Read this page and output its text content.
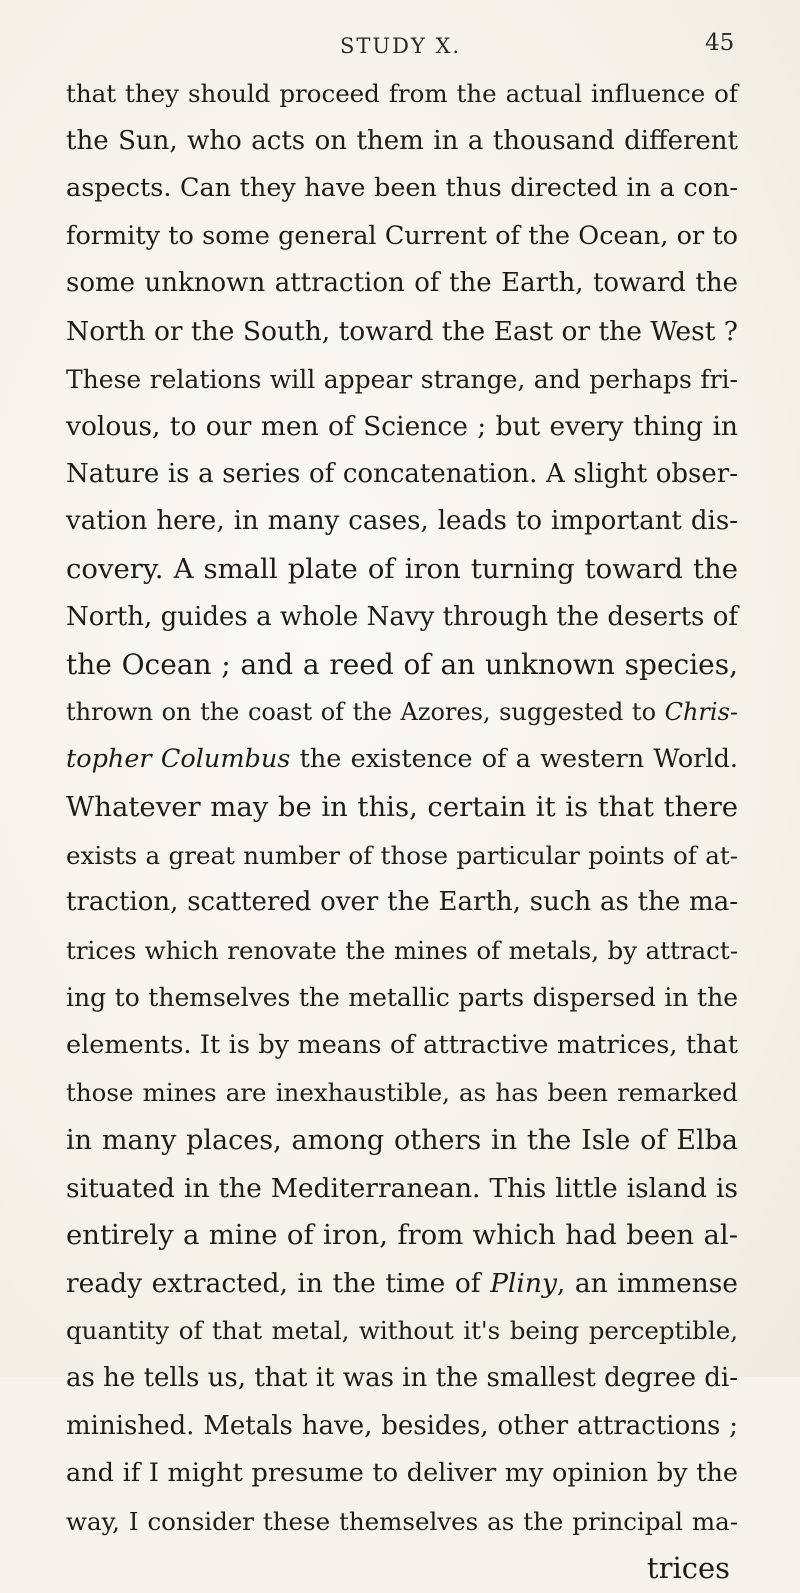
STUDY X.	45
that they should proceed from the actual influence of
the Sun, who acts on them in a thousand different
aspects. Can they have been thus directed in a con-
formity to some general Current of the Ocean, or to
some unknown attraction of the Earth, toward the
North or the South, toward the East or the West ?
These relations will appear strange, and perhaps fri-
volous, to our men of Science ; but every thing in
Nature is a series of concatenation. A slight obser-
vation here, in many cases, leads to important dis-
covery. A small plate of iron turning toward the
North, guides a whole Navy through the deserts of
the Ocean ; and a reed of an unknown species,
thrown on the coast of the Azores, suggested to Chris-
topher Columbus the existence of a western World.
Whatever may be in this, certain it is that there
exists a great number of those particular points of at-
traction, scattered over the Earth, such as the ma-
trices which renovate the mines of metals, by attract-
ing to themselves the metallic parts dispersed in the
elements. It is by means of attractive matrices, that
those mines are inexhaustible, as has been remarked
in many places, among others in the Isle of Elba
situated in the Mediterranean. This little island is
entirely a mine of iron, from which had been al-
ready extracted, in the time of Pliny, an immense
quantity of that metal, without it's being perceptible,
as he tells us, that it was in the smallest degree di-
minished. Metals have, besides, other attractions ;
and if I might presume to deliver my opinion by the
way, I consider these themselves as the principal ma-
trices
